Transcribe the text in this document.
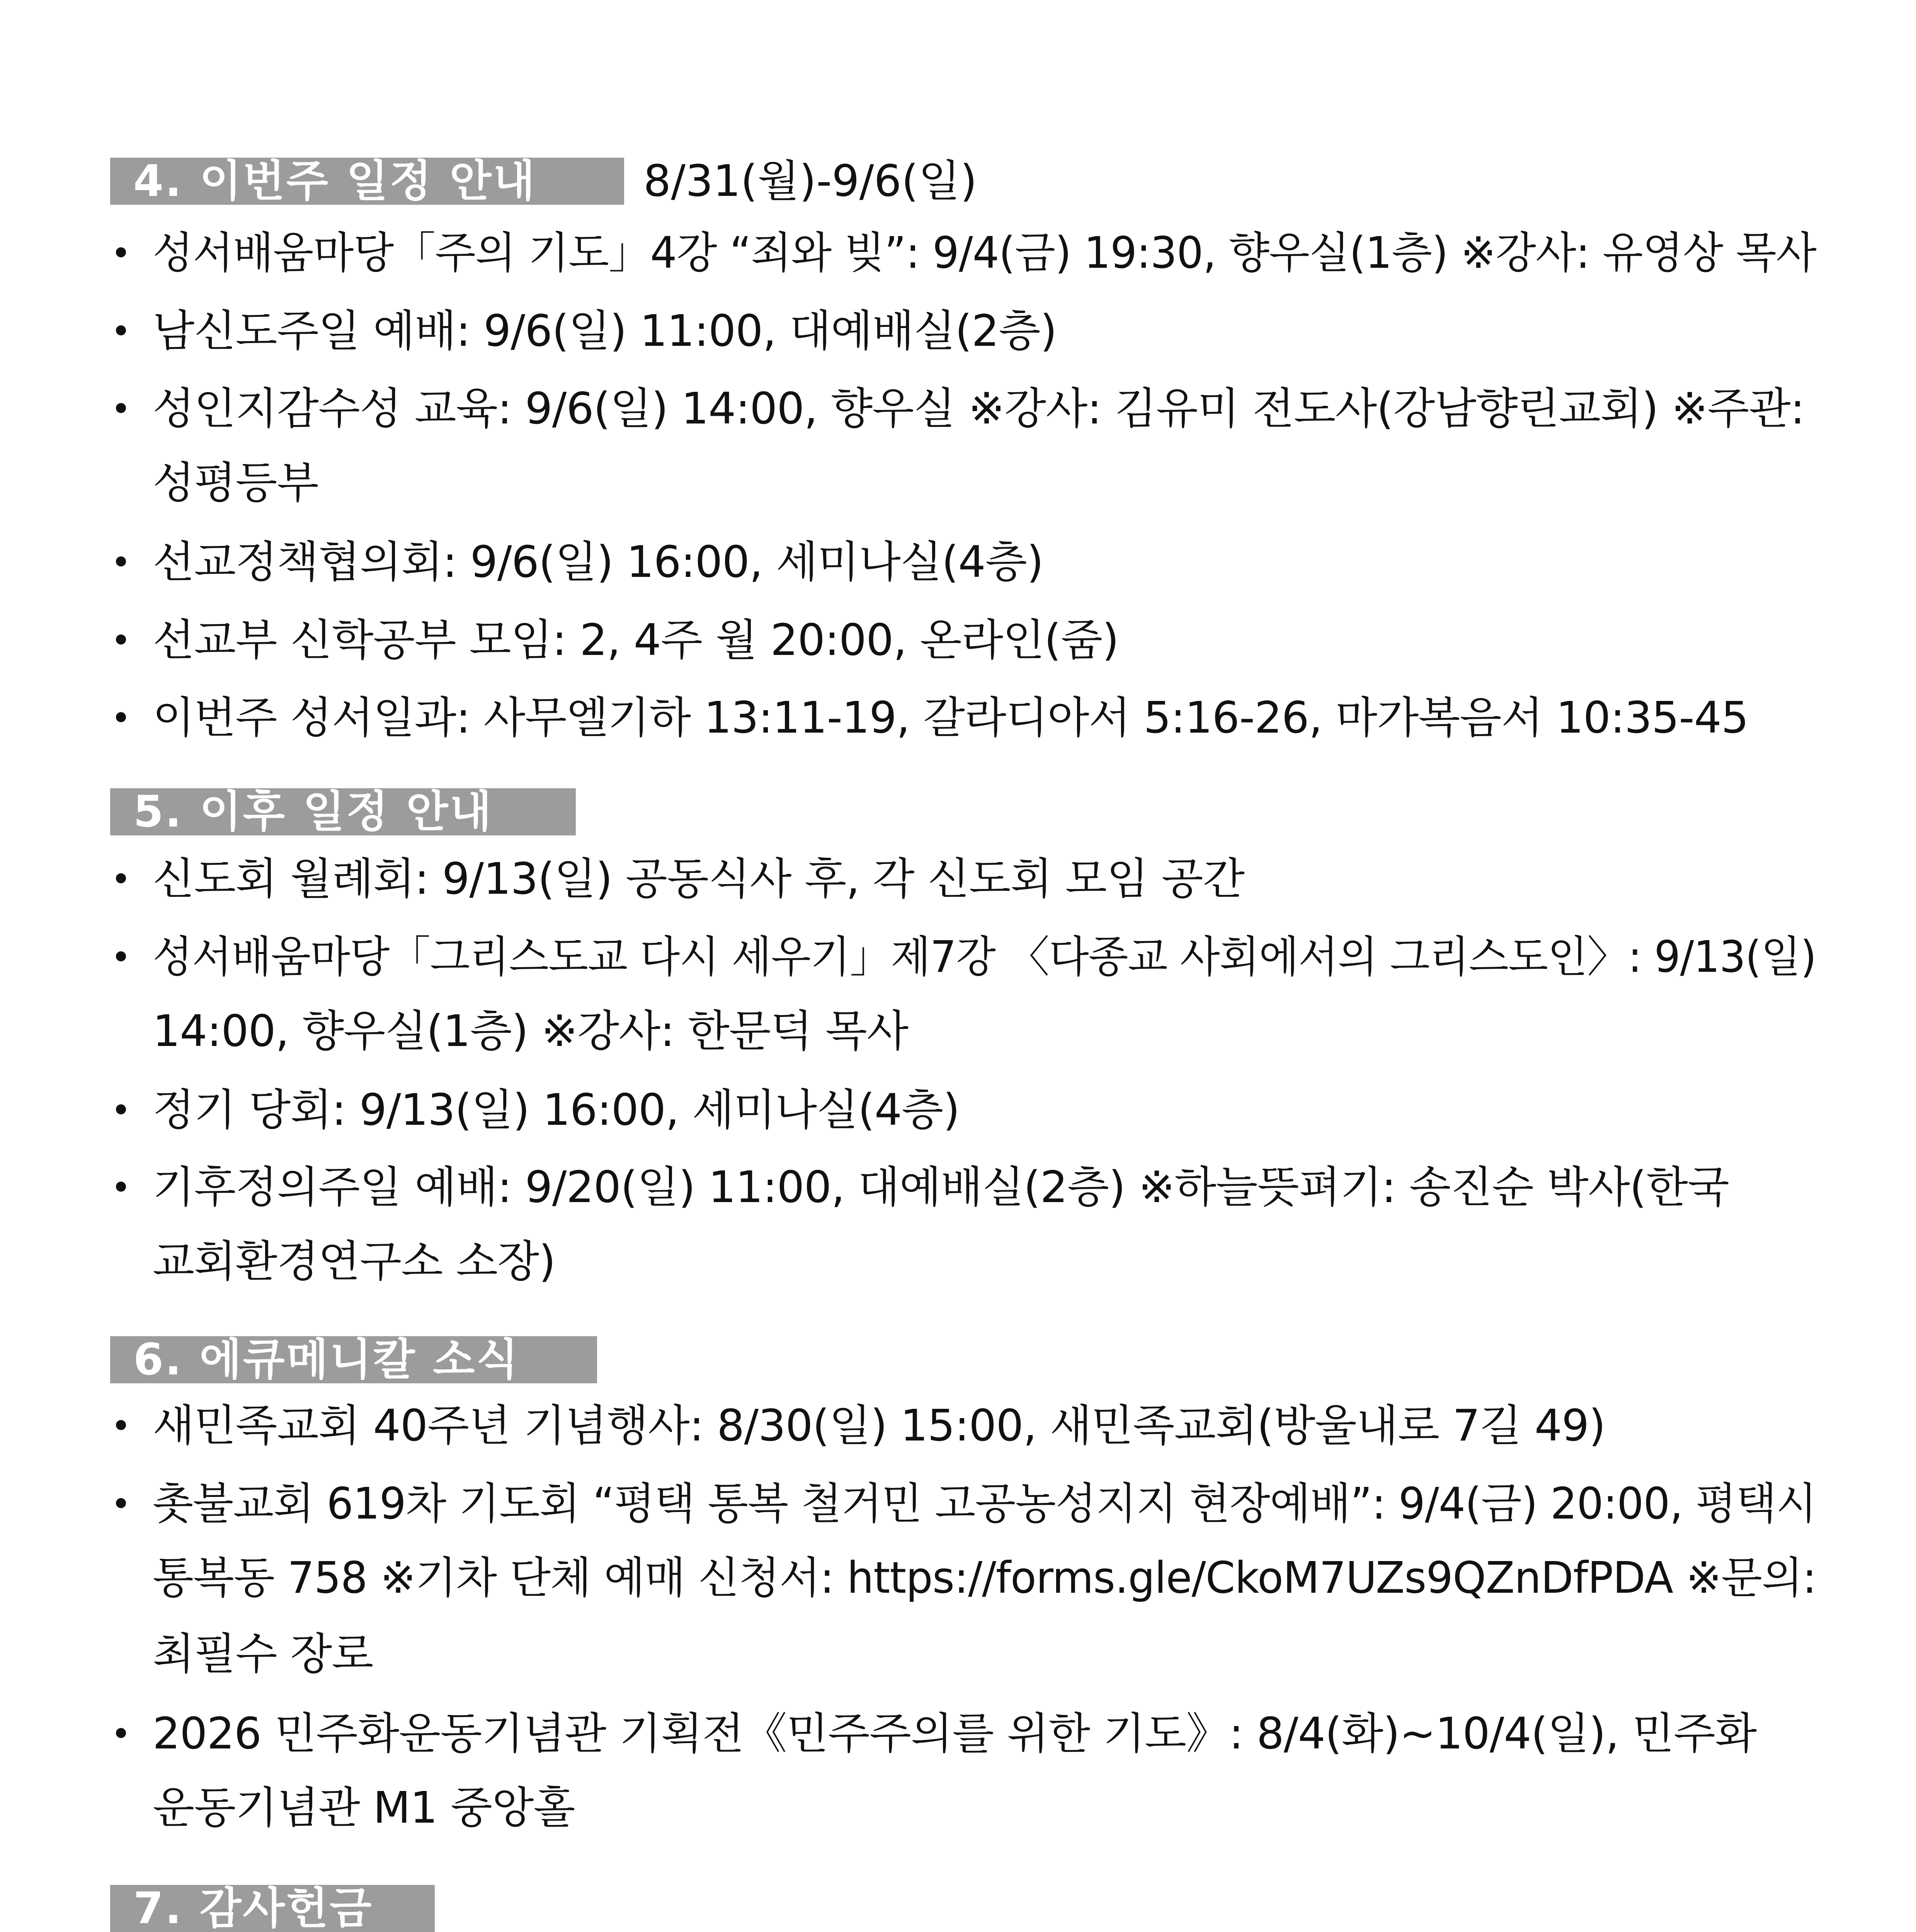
4. 이번주 일정 안내	8/31(월)-9/6(일)
성서배움마당「주의 기도」4강 “죄와 빚”: 9/4(금) 19:30, 향우실(1층) ※강사: 유영상 목사
남신도주일 예배: 9/6(일) 11:00, 대예배실(2층)
성인지감수성 교육: 9/6(일) 14:00, 향우실 ※강사: 김유미 전도사(강남향린교회) ※주관:
성평등부
선교정책협의회: 9/6(일) 16:00, 세미나실(4층)
선교부 신학공부 모임: 2, 4주 월 20:00, 온라인(줌)
이번주 성서일과: 사무엘기하 13:11-19, 갈라디아서 5:16-26, 마가복음서 10:35-45
5. 이후 일정 안내
신도회 월례회: 9/13(일) 공동식사 후, 각 신도회 모임 공간
성서배움마당「그리스도교 다시 세우기」제7강 〈다종교 사회에서의 그리스도인〉: 9/13(일)
14:00, 향우실(1층) ※강사: 한문덕 목사
정기 당회: 9/13(일) 16:00, 세미나실(4층)
기후정의주일 예배: 9/20(일) 11:00, 대예배실(2층) ※하늘뜻펴기: 송진순 박사(한국
교회환경연구소 소장)
6. 에큐메니칼 소식
새민족교회 40주년 기념행사: 8/30(일) 15:00, 새민족교회(방울내로 7길 49)
촛불교회 619차 기도회 “평택 통복 철거민 고공농성지지 현장예배”: 9/4(금) 20:00, 평택시
통복동 758 ※기차 단체 예매 신청서: https://forms.gle/CkoM7UZs9QZnDfPDA ※문의:
최필수 장로
2026 민주화운동기념관 기획전《민주주의를 위한 기도》: 8/4(화)~10/4(일), 민주화
운동기념관 M1 중앙홀
7. 감사헌금
